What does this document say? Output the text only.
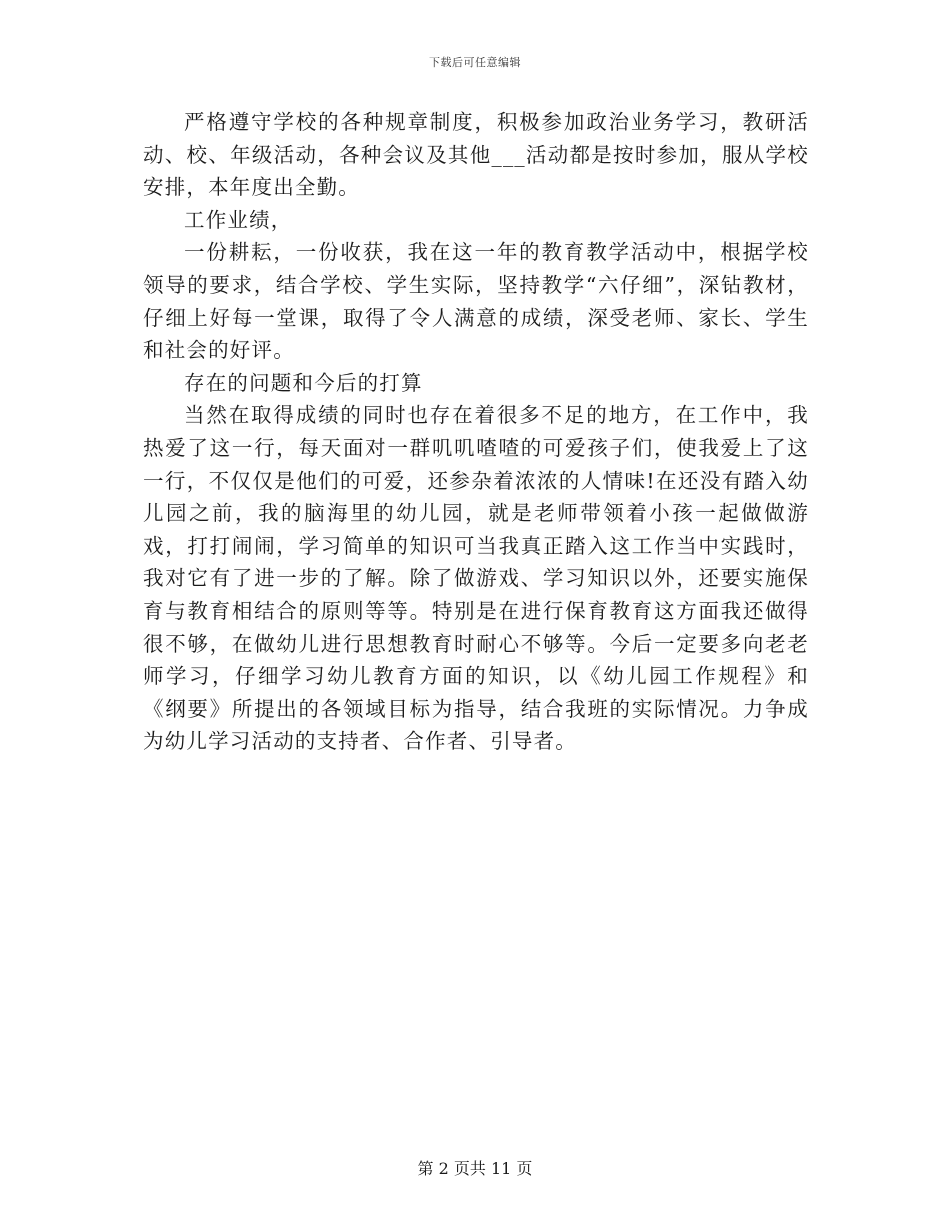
下载后可任意编辑

严格遵守学校的各种规章制度，积极参加政治业务学习，教研活动、校、年级活动，各种会议及其他___活动都是按时参加，服从学校安排，本年度出全勤。

工作业绩，

一份耕耘，一份收获，我在这一年的教育教学活动中，根据学校领导的要求，结合学校、学生实际，坚持教学“六仔细”，深钻教材，仔细上好每一堂课，取得了令人满意的成绩，深受老师、家长、学生和社会的好评。

存在的问题和今后的打算

当然在取得成绩的同时也存在着很多不足的地方，在工作中，我热爱了这一行，每天面对一群叽叽喳喳的可爱孩子们，使我爱上了这一行，不仅仅是他们的可爱，还参杂着浓浓的人情味!在还没有踏入幼儿园之前，我的脑海里的幼儿园，就是老师带领着小孩一起做做游戏，打打闹闹，学习简单的知识可当我真正踏入这工作当中实践时，我对它有了进一步的了解。除了做游戏、学习知识以外，还要实施保育与教育相结合的原则等等。特别是在进行保育教育这方面我还做得很不够，在做幼儿进行思想教育时耐心不够等。今后一定要多向老老师学习，仔细学习幼儿教育方面的知识，以《幼儿园工作规程》和《纲要》所提出的各领域目标为指导，结合我班的实际情况。力争成为幼儿学习活动的支持者、合作者、引导者。

第 2 页共 11 页
